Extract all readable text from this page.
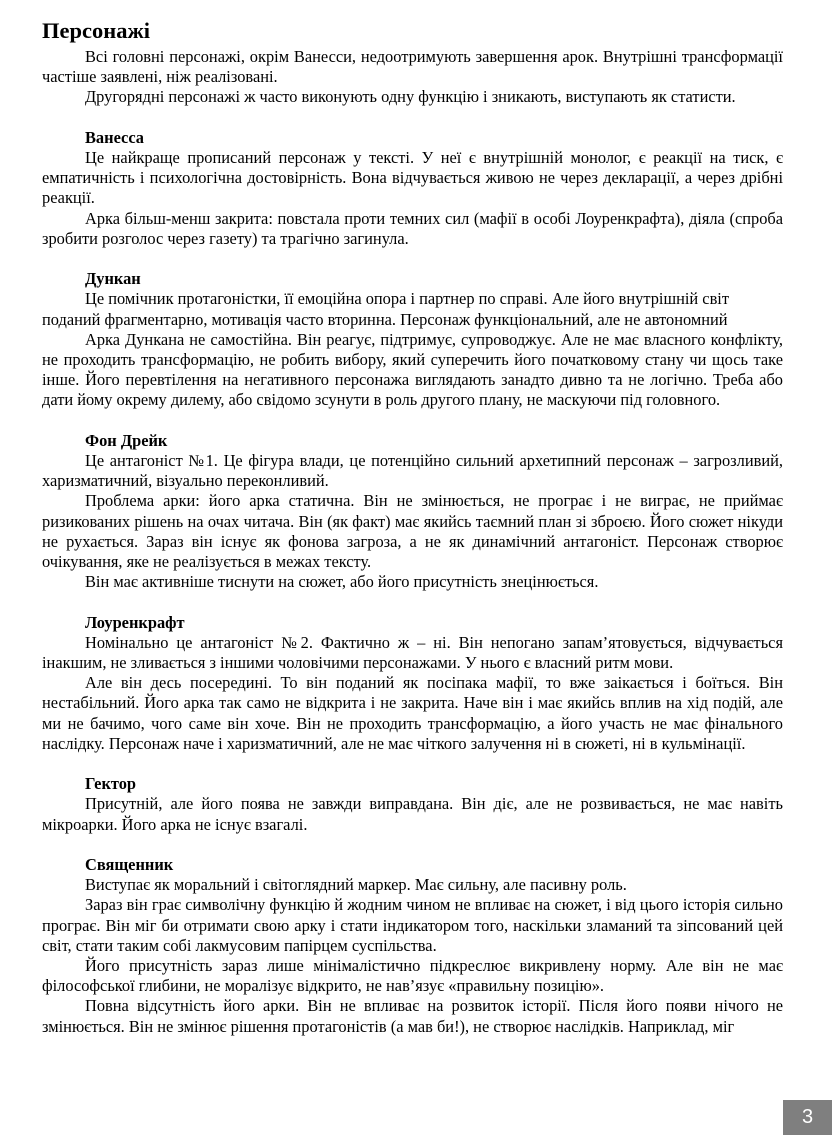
Персонажі

Всі головні персонажі, окрім Ванесси, недоотримують завершення арок. Внутрішні трансформації частіше заявлені, ніж реалізовані.

Другорядні персонажі ж часто виконують одну функцію і зникають, виступають як статисти.

Ванесса

Це найкраще прописаний персонаж у тексті. У неї є внутрішній монолог, є реакції на тиск, є емпатичність і психологічна достовірність. Вона відчувається живою не через декларації, а через дрібні реакції.

Арка більш-менш закрита: повстала проти темних сил (мафії в особі Лоуренкрафта), діяла (спроба зробити розголос через газету) та трагічно загинула.

Дункан

Це помічник протагоністки, її емоційна опора і партнер по справі. Але його внутрішній світ поданий фрагментарно, мотивація часто вторинна. Персонаж функціональний, але не автономний

Арка Дункана не самостійна. Він реагує, підтримує, супроводжує. Але не має власного конфлікту, не проходить трансформацію, не робить вибору, який суперечить його початковому стану чи щось таке інше. Його перевтілення на негативного персонажа виглядають занадто дивно та не логічно. Треба або дати йому окрему дилему, або свідомо зсунути в роль другого плану, не маскуючи під головного.

Фон Дрейк

Це антагоніст №1. Це фігура влади, це потенційно сильний архетипний персонаж – загрозливий, харизматичний, візуально переконливий.

Проблема арки: його арка статична. Він не змінюється, не програє і не виграє, не приймає ризикованих рішень на очах читача. Він (як факт) має якийсь таємний план зі зброєю. Його сюжет нікуди не рухається. Зараз він існує як фонова загроза, а не як динамічний антагоніст. Персонаж створює очікування, яке не реалізується в межах тексту.

Він має активніше тиснути на сюжет, або його присутність знецінюється.

Лоуренкрафт

Номінально це антагоніст №2. Фактично ж – ні. Він непогано запам’ятовується, відчувається інакшим, не зливається з іншими чоловічими персонажами. У нього є власний ритм мови.

Але він десь посередині. То він поданий як посіпака мафії, то вже заікається і боїться. Він нестабільний. Його арка так само не відкрита і не закрита. Наче він і має якийсь вплив на хід подій, але ми не бачимо, чого саме він хоче. Він не проходить трансформацію, а його участь не має фінального наслідку. Персонаж наче і харизматичний, але не має чіткого залучення ні в сюжеті, ні в кульмінації.

Гектор

Присутній, але його поява не завжди виправдана. Він діє, але не розвивається, не має навіть мікроарки. Його арка не існує взагалі.

Священник

Виступає як моральний і світоглядний маркер. Має сильну, але пасивну роль.

Зараз він грає символічну функцію й жодним чином не впливає на сюжет, і від цього історія сильно програє. Він міг би отримати свою арку і стати індикатором того, наскільки зламаний та зіпсований цей світ, стати таким собі лакмусовим папірцем суспільства.

Його присутність зараз лише мінімалістично підкреслює викривлену норму. Але він не має філософської глибини, не моралізує відкрито, не нав’язує «правильну позицію».

Повна відсутність його арки. Він не впливає на розвиток історії. Після його появи нічого не змінюється. Він не змінює рішення протагоністів (а мав би!), не створює наслідків. Наприклад, міг

3
